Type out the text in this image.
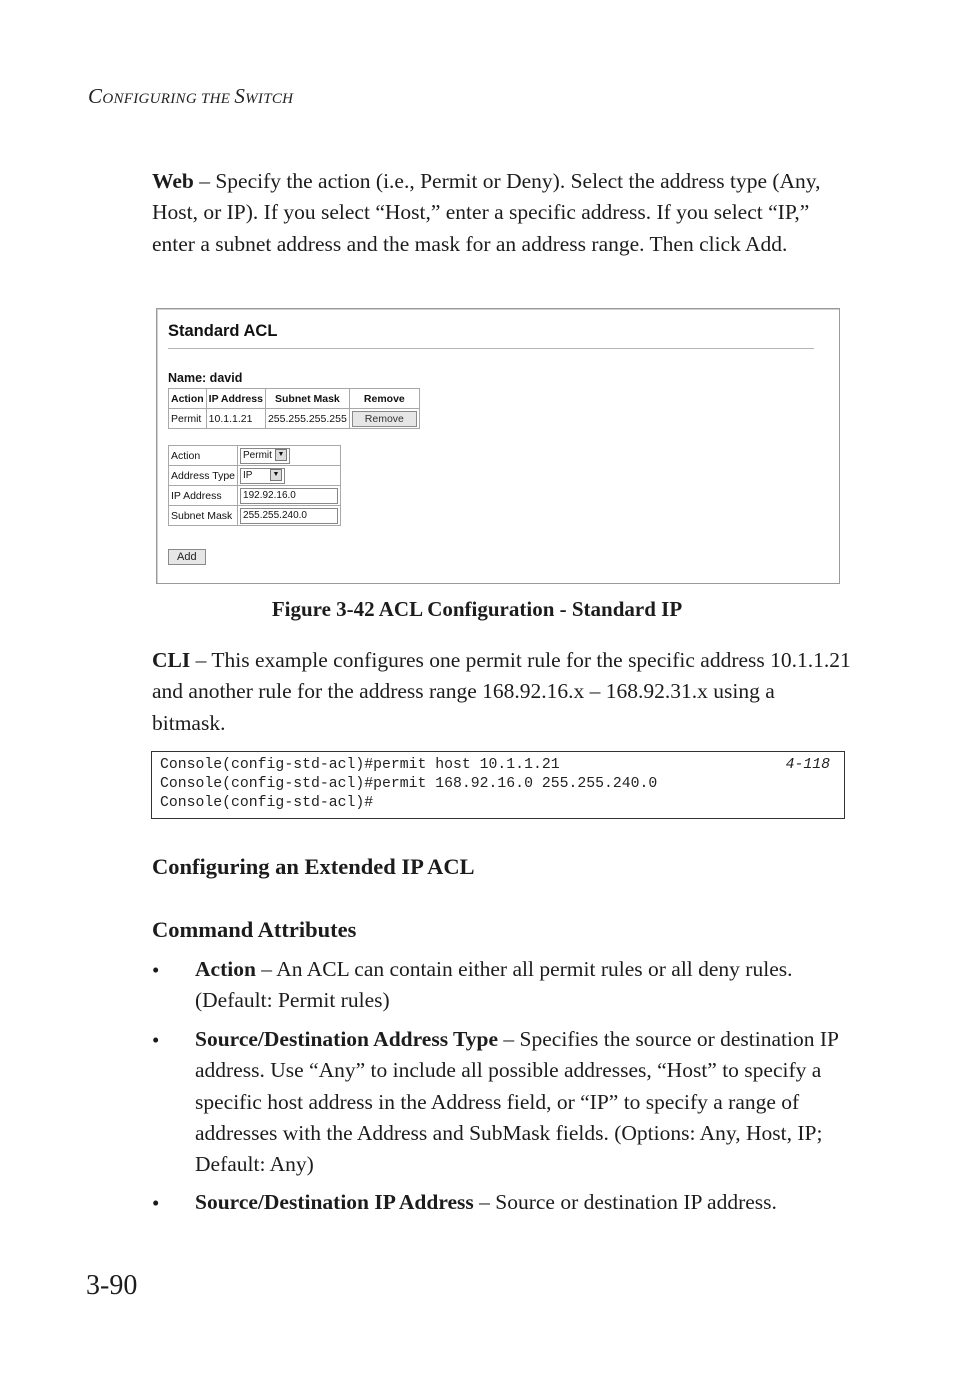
CONFIGURING THE SWITCH
Web – Specify the action (i.e., Permit or Deny). Select the address type (Any, Host, or IP). If you select “Host,” enter a specific address. If you select “IP,” enter a subnet address and the mask for an address range. Then click Add.
Standard ACL
Name: david
Action	IP Address	Subnet Mask	Remove
Permit	10.1.1.21	255.255.255.255	Remove
Action	Permit ▼
Address Type	IP ▼
IP Address	192.92.16.0
Subnet Mask	255.255.240.0
Add
Figure 3-42 ACL Configuration - Standard IP
CLI – This example configures one permit rule for the specific address 10.1.1.21 and another rule for the address range 168.92.16.x – 168.92.31.x using a bitmask.
Console(config-std-acl)#permit host 10.1.1.21	4-118
Console(config-std-acl)#permit 168.92.16.0 255.255.240.0
Console(config-std-acl)#
Configuring an Extended IP ACL
Command Attributes
• Action – An ACL can contain either all permit rules or all deny rules. (Default: Permit rules)
• Source/Destination Address Type – Specifies the source or destination IP address. Use “Any” to include all possible addresses, “Host” to specify a specific host address in the Address field, or “IP” to specify a range of addresses with the Address and SubMask fields. (Options: Any, Host, IP; Default: Any)
• Source/Destination IP Address – Source or destination IP address.
3-90
